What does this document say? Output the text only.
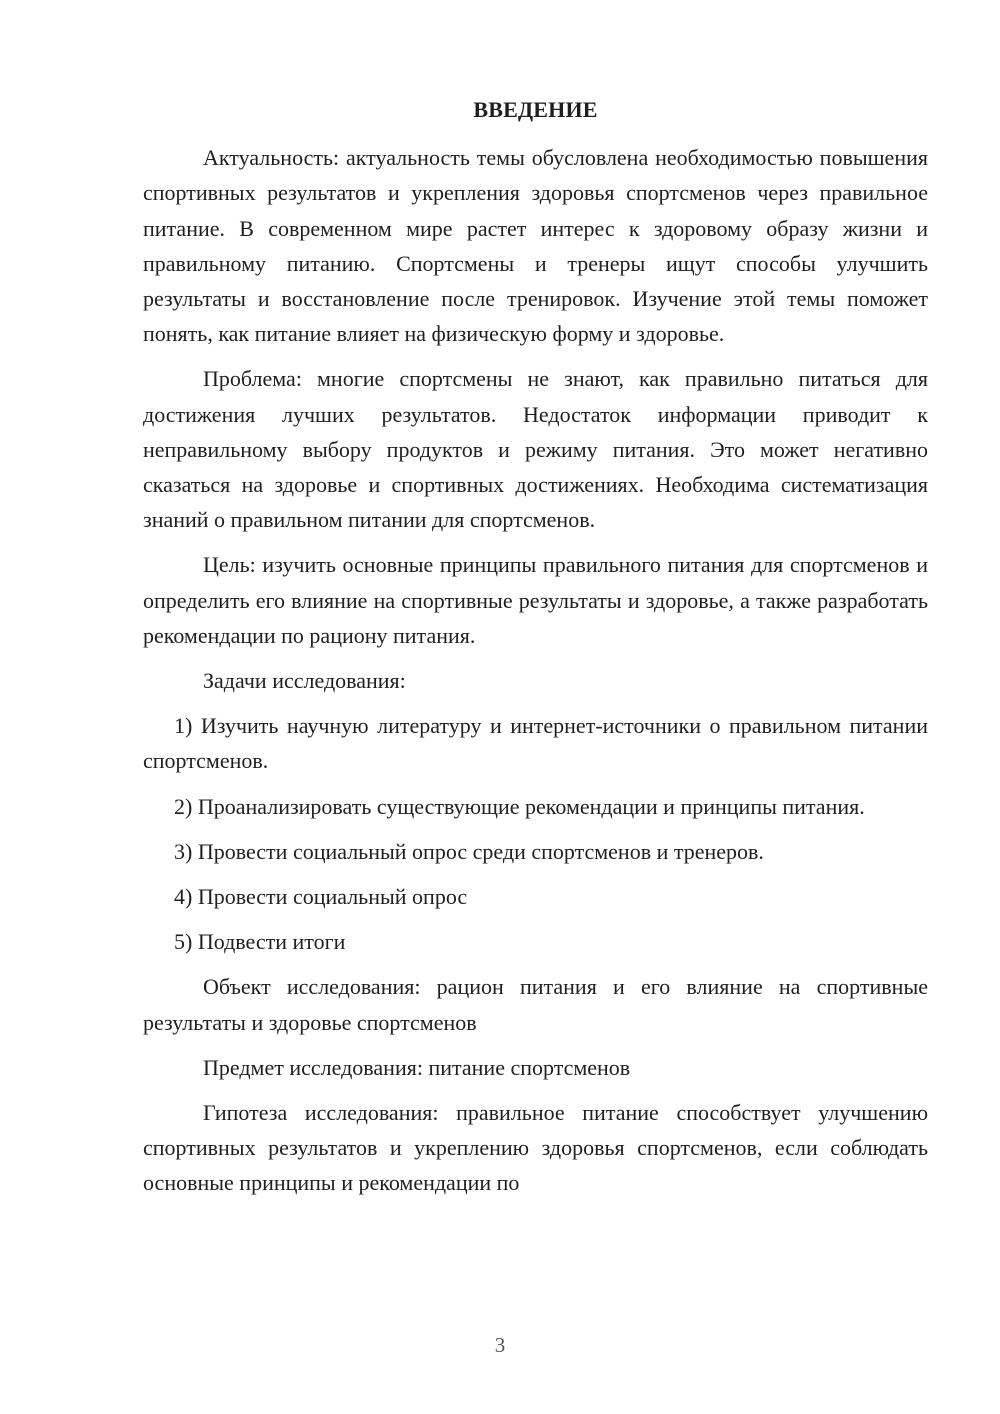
ВВЕДЕНИЕ

Актуальность: актуальность темы обусловлена необходимостью повышения спортивных результатов и укрепления здоровья спортсменов через правильное питание. В современном мире растет интерес к здоровому образу жизни и правильному питанию. Спортсмены и тренеры ищут способы улучшить результаты и восстановление после тренировок. Изучение этой темы поможет понять, как питание влияет на физическую форму и здоровье.

Проблема: многие спортсмены не знают, как правильно питаться для достижения лучших результатов. Недостаток информации приводит к неправильному выбору продуктов и режиму питания. Это может негативно сказаться на здоровье и спортивных достижениях. Необходима систематизация знаний о правильном питании для спортсменов.

Цель: изучить основные принципы правильного питания для спортсменов и определить его влияние на спортивные результаты и здоровье, а также разработать рекомендации по рациону питания.

Задачи исследования:

1) Изучить научную литературу и интернет-источники о правильном питании спортсменов.

2) Проанализировать существующие рекомендации и принципы питания.

3) Провести социальный опрос среди спортсменов и тренеров.

4) Провести социальный опрос

5) Подвести итоги

Объект исследования: рацион питания и его влияние на спортивные результаты и здоровье спортсменов

Предмет исследования: питание спортсменов

Гипотеза исследования: правильное питание способствует улучшению спортивных результатов и укреплению здоровья спортсменов, если соблюдать основные принципы и рекомендации по

3
